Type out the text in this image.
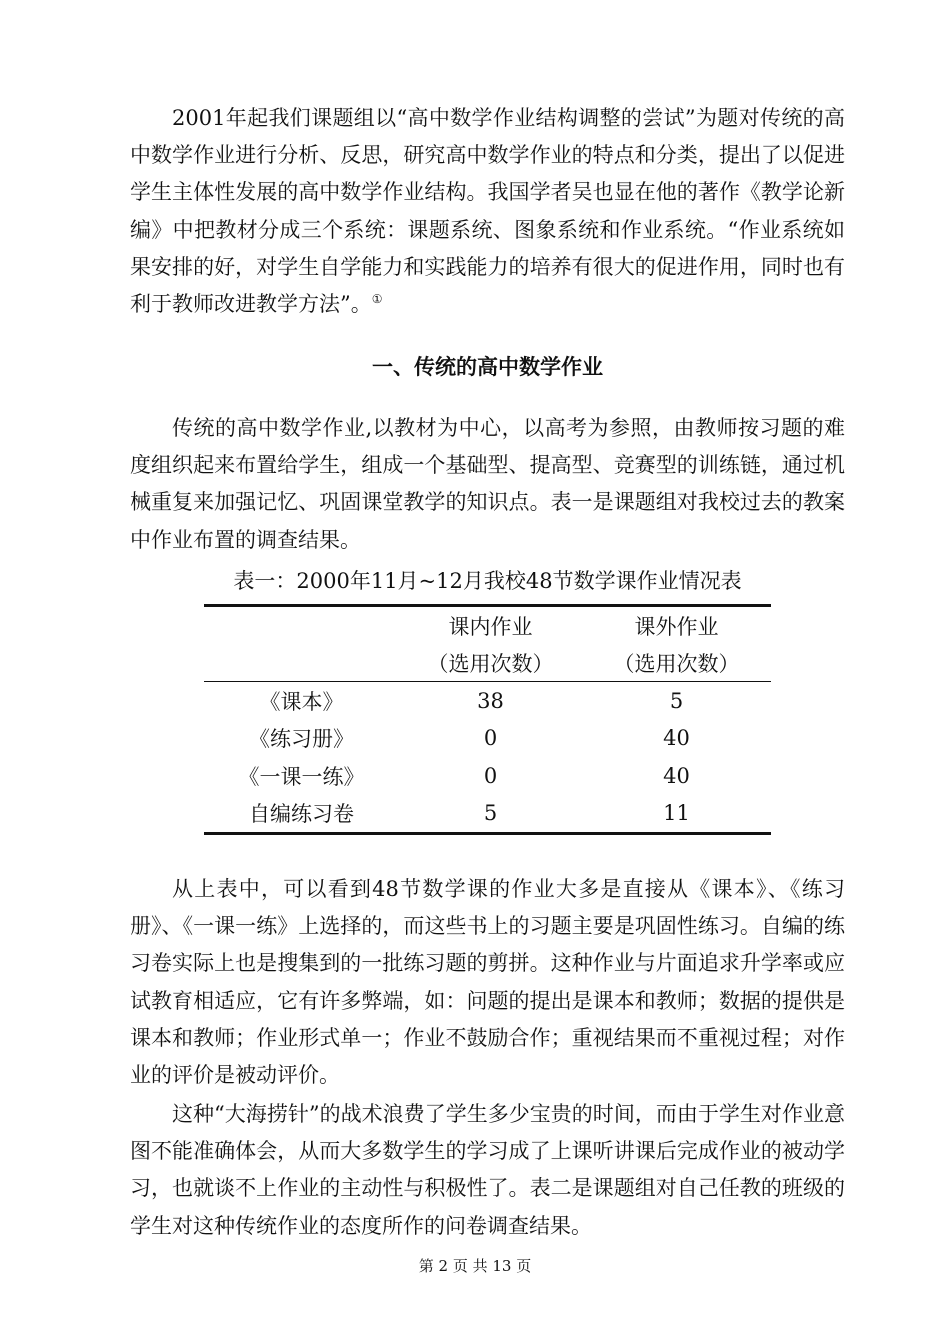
2001年起我们课题组以“高中数学作业结构调整的尝试”为题对传统的高中数学作业进行分析、反思，研究高中数学作业的特点和分类，提出了以促进学生主体性发展的高中数学作业结构。我国学者吴也显在他的著作《教学论新编》中把教材分成三个系统：课题系统、图象系统和作业系统。“作业系统如果安排的好，对学生自学能力和实践能力的培养有很大的促进作用，同时也有利于教师改进教学方法”。①

一、传统的高中数学作业

传统的高中数学作业,以教材为中心，以高考为参照，由教师按习题的难度组织起来布置给学生，组成一个基础型、提高型、竞赛型的训练链，通过机械重复来加强记忆、巩固课堂教学的知识点。表一是课题组对我校过去的教案中作业布置的调查结果。

表一：2000年11月~12月我校48节数学课作业情况表
	课内作业	课外作业
	（选用次数）	（选用次数）
《课本》	38	5
《练习册》	0	40
《一课一练》	0	40
自编练习卷	5	11

从上表中，可以看到48节数学课的作业大多是直接从《课本》、《练习册》、《一课一练》上选择的，而这些书上的习题主要是巩固性练习。自编的练习卷实际上也是搜集到的一批练习题的剪拼。这种作业与片面追求升学率或应试教育相适应，它有许多弊端，如：问题的提出是课本和教师；数据的提供是课本和教师；作业形式单一；作业不鼓励合作；重视结果而不重视过程；对作业的评价是被动评价。

这种“大海捞针”的战术浪费了学生多少宝贵的时间，而由于学生对作业意图不能准确体会，从而大多数学生的学习成了上课听讲课后完成作业的被动学习，也就谈不上作业的主动性与积极性了。表二是课题组对自己任教的班级的学生对这种传统作业的态度所作的问卷调查结果。

第 2 页 共 13 页
